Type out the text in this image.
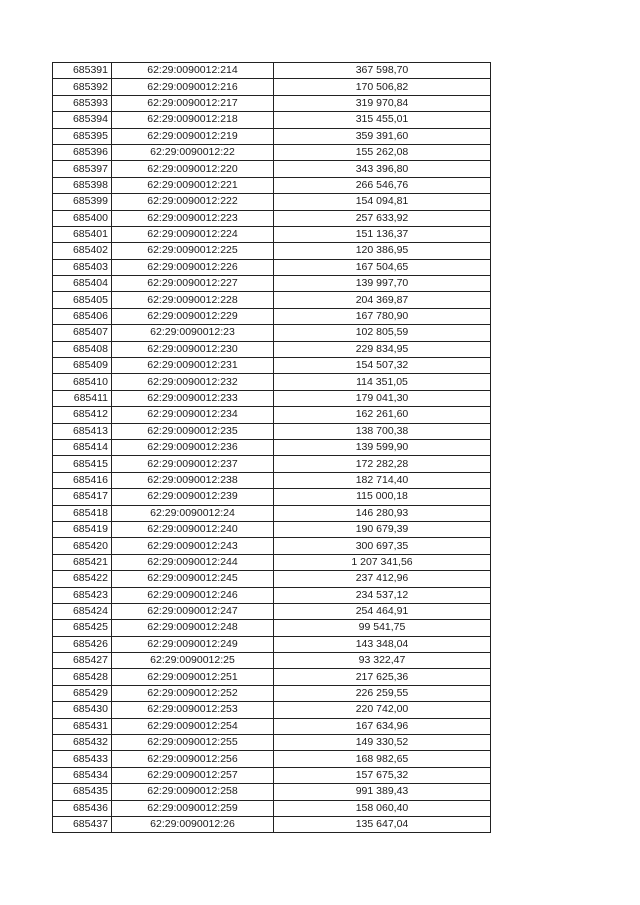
685391	62:29:0090012:214	367 598,70
685392	62:29:0090012:216	170 506,82
685393	62:29:0090012:217	319 970,84
685394	62:29:0090012:218	315 455,01
685395	62:29:0090012:219	359 391,60
685396	62:29:0090012:22	155 262,08
685397	62:29:0090012:220	343 396,80
685398	62:29:0090012:221	266 546,76
685399	62:29:0090012:222	154 094,81
685400	62:29:0090012:223	257 633,92
685401	62:29:0090012:224	151 136,37
685402	62:29:0090012:225	120 386,95
685403	62:29:0090012:226	167 504,65
685404	62:29:0090012:227	139 997,70
685405	62:29:0090012:228	204 369,87
685406	62:29:0090012:229	167 780,90
685407	62:29:0090012:23	102 805,59
685408	62:29:0090012:230	229 834,95
685409	62:29:0090012:231	154 507,32
685410	62:29:0090012:232	114 351,05
685411	62:29:0090012:233	179 041,30
685412	62:29:0090012:234	162 261,60
685413	62:29:0090012:235	138 700,38
685414	62:29:0090012:236	139 599,90
685415	62:29:0090012:237	172 282,28
685416	62:29:0090012:238	182 714,40
685417	62:29:0090012:239	115 000,18
685418	62:29:0090012:24	146 280,93
685419	62:29:0090012:240	190 679,39
685420	62:29:0090012:243	300 697,35
685421	62:29:0090012:244	1 207 341,56
685422	62:29:0090012:245	237 412,96
685423	62:29:0090012:246	234 537,12
685424	62:29:0090012:247	254 464,91
685425	62:29:0090012:248	99 541,75
685426	62:29:0090012:249	143 348,04
685427	62:29:0090012:25	93 322,47
685428	62:29:0090012:251	217 625,36
685429	62:29:0090012:252	226 259,55
685430	62:29:0090012:253	220 742,00
685431	62:29:0090012:254	167 634,96
685432	62:29:0090012:255	149 330,52
685433	62:29:0090012:256	168 982,65
685434	62:29:0090012:257	157 675,32
685435	62:29:0090012:258	991 389,43
685436	62:29:0090012:259	158 060,40
685437	62:29:0090012:26	135 647,04
